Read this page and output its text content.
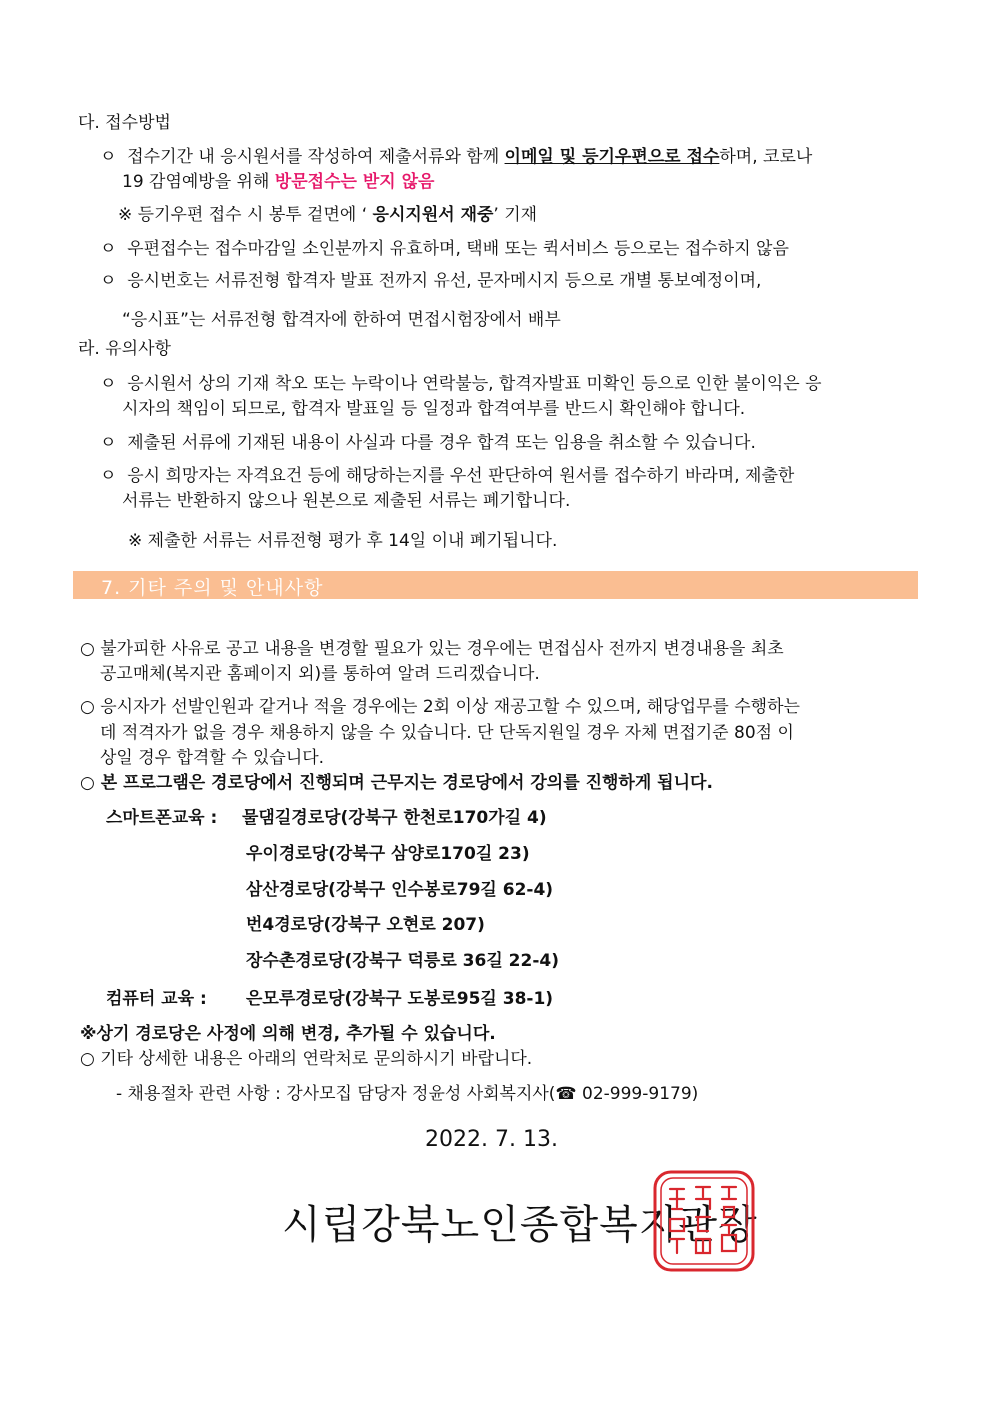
다. 접수방법
ㅇ 접수기간 내 응시원서를 작성하여 제출서류와 함께 이메일 및 등기우편으로 접수하며, 코로나
19 감염예방을 위해 방문접수는 받지 않음
※ 등기우편 접수 시 봉투 겉면에 ‘ 응시지원서 재중’ 기재
ㅇ 우편접수는 접수마감일 소인분까지 유효하며, 택배 또는 퀵서비스 등으로는 접수하지 않음
ㅇ 응시번호는 서류전형 합격자 발표 전까지 유선, 문자메시지 등으로 개별 통보예정이며,
“응시표”는 서류전형 합격자에 한하여 면접시험장에서 배부
라. 유의사항
ㅇ 응시원서 상의 기재 착오 또는 누락이나 연락불능, 합격자발표 미확인 등으로 인한 불이익은 응
시자의 책임이 되므로, 합격자 발표일 등 일정과 합격여부를 반드시 확인해야 합니다.
ㅇ 제출된 서류에 기재된 내용이 사실과 다를 경우 합격 또는 임용을 취소할 수 있습니다.
ㅇ 응시 희망자는 자격요건 등에 해당하는지를 우선 판단하여 원서를 접수하기 바라며, 제출한
서류는 반환하지 않으나 원본으로 제출된 서류는 폐기합니다.
※ 제출한 서류는 서류전형 평가 후 14일 이내 폐기됩니다.
7. 기타 주의 및 안내사항
○ 불가피한 사유로 공고 내용을 변경할 필요가 있는 경우에는 면접심사 전까지 변경내용을 최초
공고매체(복지관 홈페이지 외)를 통하여 알려 드리겠습니다.
○ 응시자가 선발인원과 같거나 적을 경우에는 2회 이상 재공고할 수 있으며, 해당업무를 수행하는
데 적격자가 없을 경우 채용하지 않을 수 있습니다. 단 단독지원일 경우 자체 면접기준 80점 이
상일 경우 합격할 수 있습니다.
○ 본 프로그램은 경로당에서 진행되며 근무지는 경로당에서 강의를 진행하게 됩니다.
스마트폰교육 : 물댐길경로당(강북구 한천로170가길 4)
우이경로당(강북구 삼양로170길 23)
삼산경로당(강북구 인수봉로79길 62-4)
번4경로당(강북구 오현로 207)
장수촌경로당(강북구 덕릉로 36길 22-4)
컴퓨터 교육 : 은모루경로당(강북구 도봉로95길 38-1)
※상기 경로당은 사정에 의해 변경, 추가될 수 있습니다.
○ 기타 상세한 내용은 아래의 연락처로 문의하시기 바랍니다.
- 채용절차 관련 사항 : 강사모집 담당자 정윤성 사회복지사(☎ 02-999-9179)
2022. 7. 13.
시립강북노인종합복지관장
